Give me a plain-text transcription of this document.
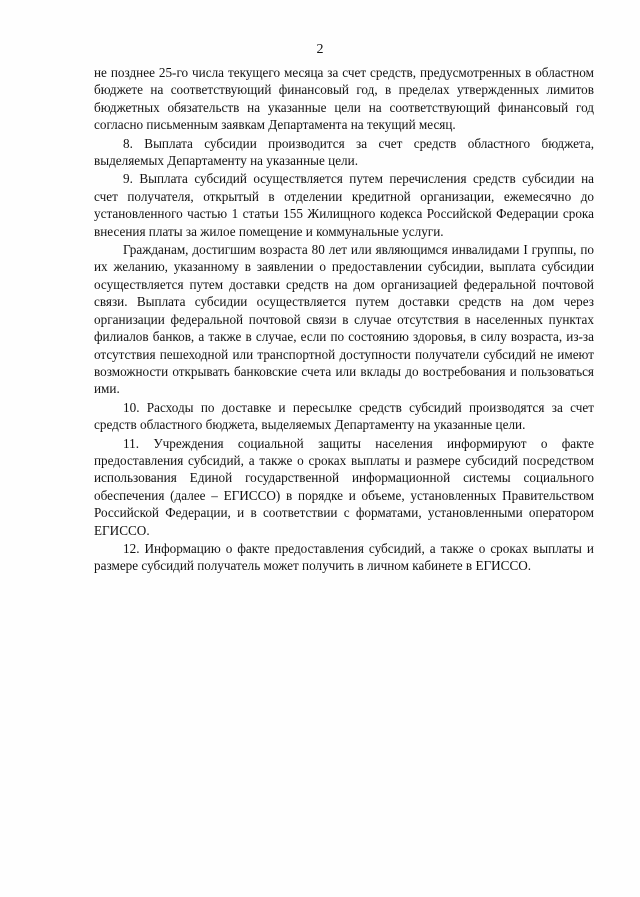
2

не позднее 25-го числа текущего месяца за счет средств, предусмотренных в областном бюджете на соответствующий финансовый год, в пределах утвержденных лимитов бюджетных обязательств на указанные цели на соответствующий финансовый год согласно письменным заявкам Департамента на текущий месяц.

8. Выплата субсидии производится за счет средств областного бюджета, выделяемых Департаменту на указанные цели.

9. Выплата субсидий осуществляется путем перечисления средств субсидии на счет получателя, открытый в отделении кредитной организации, ежемесячно до установленного частью 1 статьи 155 Жилищного кодекса Российской Федерации срока внесения платы за жилое помещение и коммунальные услуги.

Гражданам, достигшим возраста 80 лет или являющимся инвалидами I группы, по их желанию, указанному в заявлении о предоставлении субсидии, выплата субсидии осуществляется путем доставки средств на дом организацией федеральной почтовой связи. Выплата субсидии осуществляется путем доставки средств на дом через организации федеральной почтовой связи в случае отсутствия в населенных пунктах филиалов банков, а также в случае, если по состоянию здоровья, в силу возраста, из-за отсутствия пешеходной или транспортной доступности получатели субсидий не имеют возможности открывать банковские счета или вклады до востребования и пользоваться ими.

10. Расходы по доставке и пересылке средств субсидий производятся за счет средств областного бюджета, выделяемых Департаменту на указанные цели.

11. Учреждения социальной защиты населения информируют о факте предоставления субсидий, а также о сроках выплаты и размере субсидий посредством использования Единой государственной информационной системы социального обеспечения (далее – ЕГИССО) в порядке и объеме, установленных Правительством Российской Федерации, и в соответствии с форматами, установленными оператором ЕГИССО.

12. Информацию о факте предоставления субсидий, а также о сроках выплаты и размере субсидий получатель может получить в личном кабинете в ЕГИССО.
